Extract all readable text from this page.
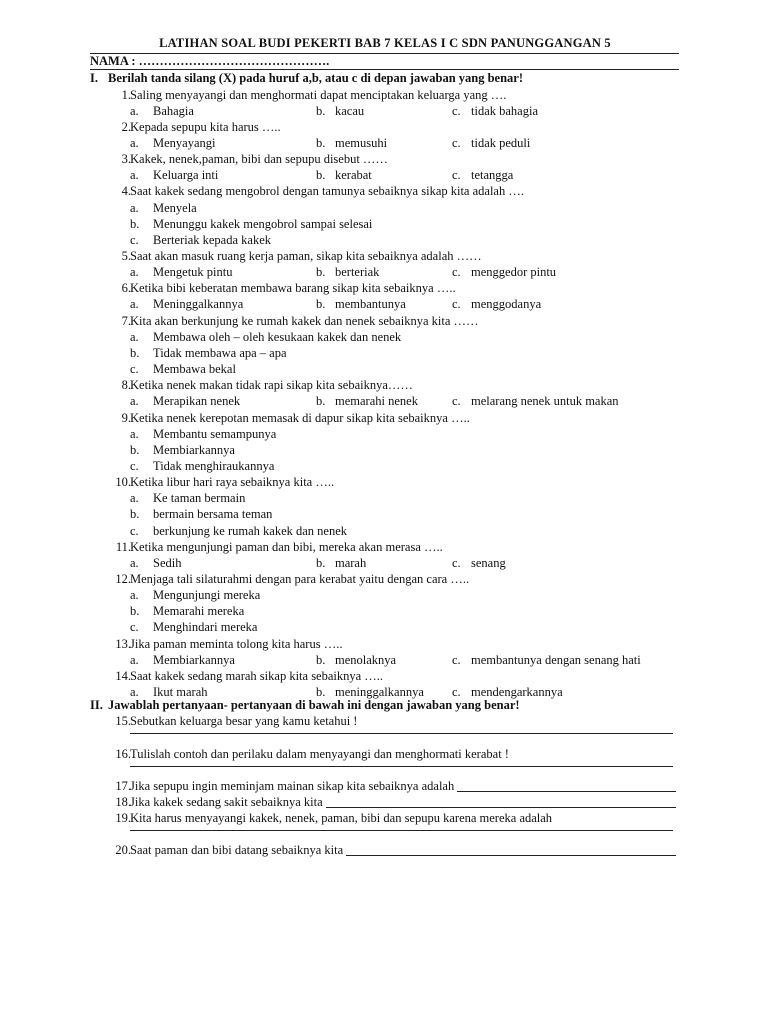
LATIHAN SOAL BUDI PEKERTI BAB 7 KELAS I C SDN PANUNGGANGAN 5
NAMA : ……………………………………….
I. Berilah tanda silang (X) pada huruf a,b, atau c di depan jawaban yang benar!
1. Saling menyayangi dan menghormati dapat menciptakan keluarga yang ….
a. Bahagia	b. kacau	c. tidak bahagia
2. Kepada sepupu kita harus …..
a. Menyayangi	b. memusuhi	c. tidak peduli
3. Kakek, nenek,paman, bibi dan sepupu disebut ……
a. Keluarga inti	b. kerabat	c. tetangga
4. Saat kakek sedang mengobrol dengan tamunya sebaiknya sikap kita adalah ….
a. Menyela
b. Menunggu kakek mengobrol sampai selesai
c. Berteriak kepada kakek
5. Saat akan masuk ruang kerja paman, sikap kita sebaiknya adalah ……
a. Mengetuk pintu	b. berteriak	c. menggedor pintu
6. Ketika bibi keberatan membawa barang sikap kita sebaiknya …..
a. Meninggalkannya	b. membantunya	c. menggodanya
7. Kita akan berkunjung ke rumah kakek dan nenek sebaiknya kita ……
a. Membawa oleh – oleh kesukaan kakek dan nenek
b. Tidak membawa apa – apa
c. Membawa bekal
8. Ketika nenek makan tidak rapi sikap kita sebaiknya……
a. Merapikan nenek	b. memarahi nenek	c. melarang nenek untuk makan
9. Ketika nenek kerepotan memasak di dapur sikap kita sebaiknya …..
a. Membantu semampunya
b. Membiarkannya
c. Tidak menghiraukannya
10. Ketika libur hari raya sebaiknya kita …..
a. Ke taman bermain
b. bermain bersama teman
c. berkunjung ke rumah kakek dan nenek
11. Ketika mengunjungi paman dan bibi, mereka akan merasa …..
a. Sedih	b. marah	c. senang
12. Menjaga tali silaturahmi dengan para kerabat yaitu dengan cara …..
a. Mengunjungi mereka
b. Memarahi mereka
c. Menghindari mereka
13. Jika paman meminta tolong kita harus …..
a. Membiarkannya	b. menolaknya	c. membantunya dengan senang hati
14. Saat kakek sedang marah sikap kita sebaiknya …..
a. Ikut marah	b. meninggalkannya c. mendengarkannya
II. Jawablah pertanyaan- pertanyaan di bawah ini dengan jawaban yang benar!
15. Sebutkan keluarga besar yang kamu ketahui !
16. Tulislah contoh dan perilaku dalam menyayangi dan menghormati kerabat !
17. Jika sepupu ingin meminjam mainan sikap kita sebaiknya adalah
18. Jika kakek sedang sakit sebaiknya kita
19. Kita harus menyayangi kakek, nenek, paman, bibi dan sepupu karena mereka adalah
20. Saat paman dan bibi datang sebaiknya kita
